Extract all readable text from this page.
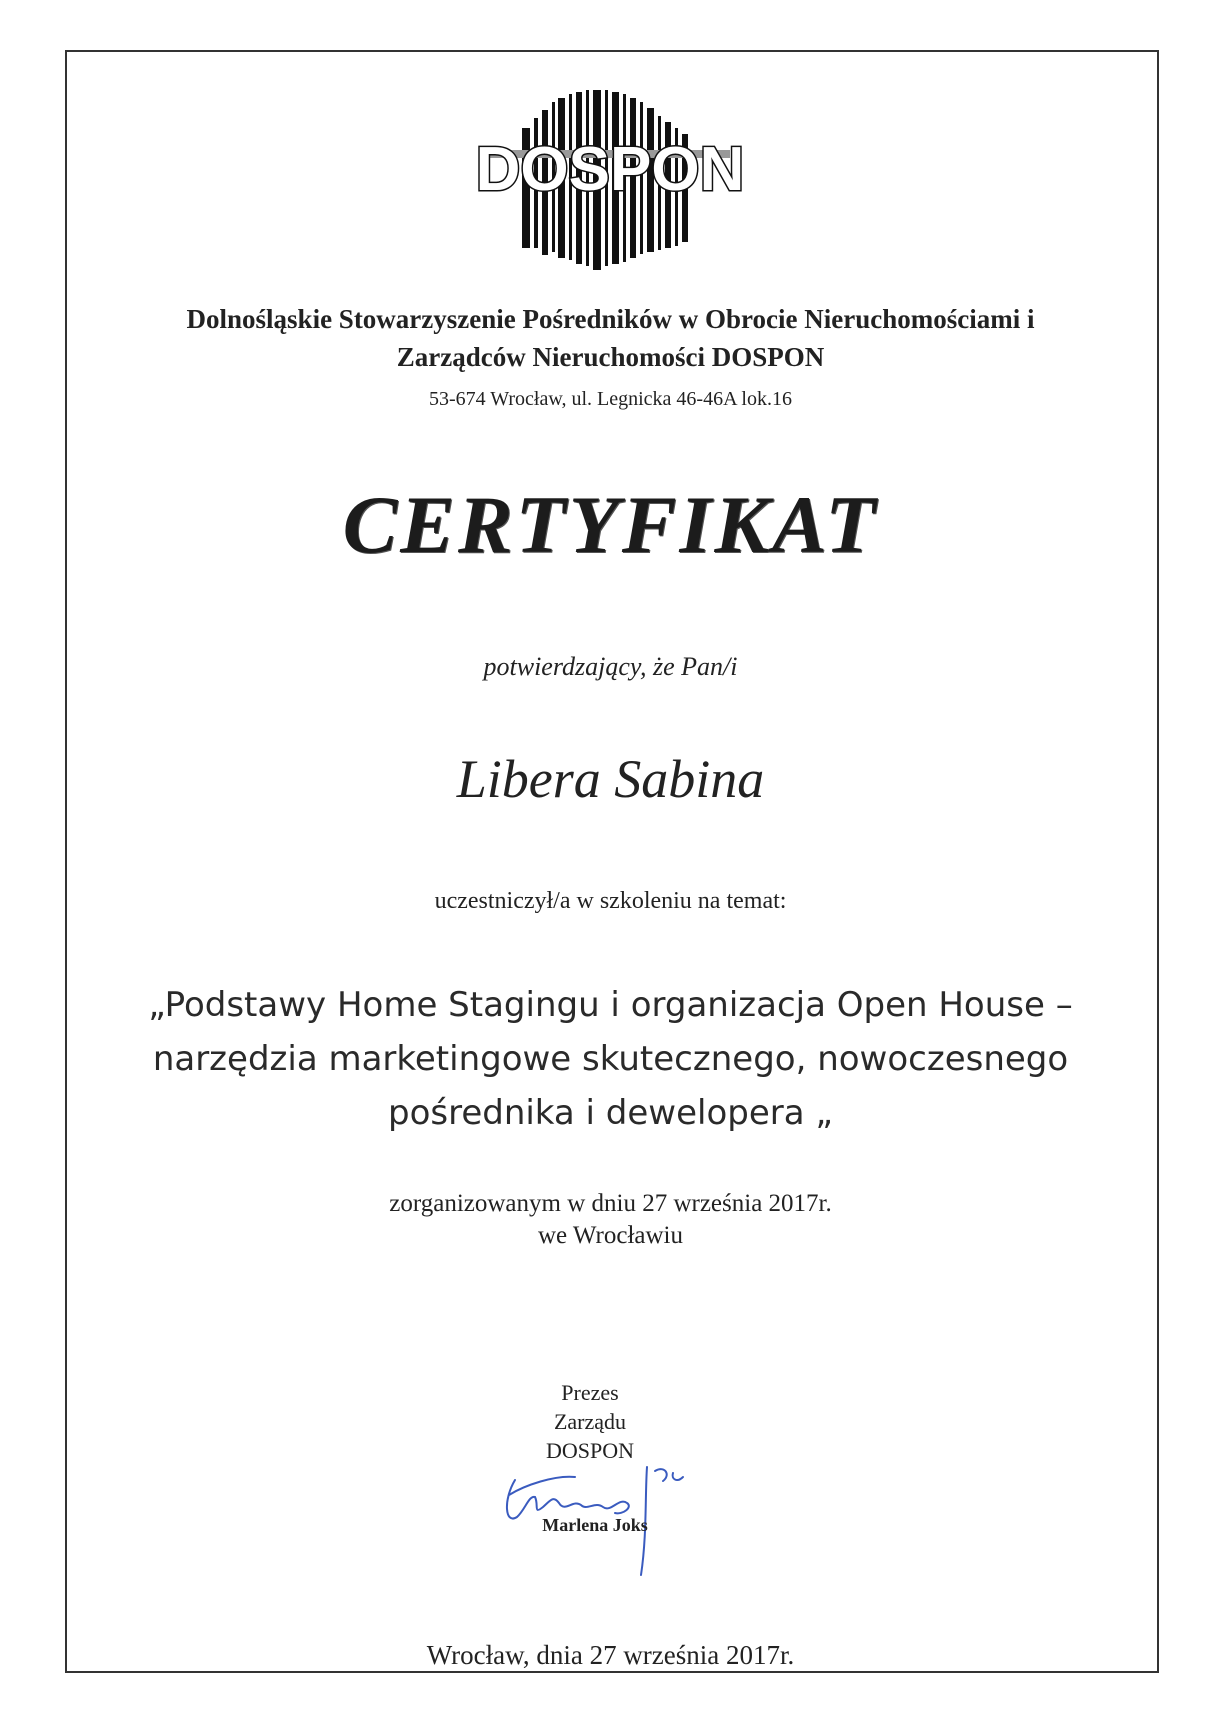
DOSPON
Dolnośląskie Stowarzyszenie Pośredników w Obrocie Nieruchomościami i
Zarządców Nieruchomości DOSPON
53-674 Wrocław, ul. Legnicka 46-46A lok.16
CERTYFIKAT
potwierdzający, że Pan/i
Libera Sabina
uczestniczył/a w szkoleniu na temat:
„Podstawy Home Stagingu i organizacja Open House –
narzędzia marketingowe skutecznego, nowoczesnego
pośrednika i dewelopera „
zorganizowanym w dniu 27 września 2017r.
we Wrocławiu
Prezes
Zarządu
DOSPON
Marlena Joks
Wrocław, dnia 27 września 2017r.
